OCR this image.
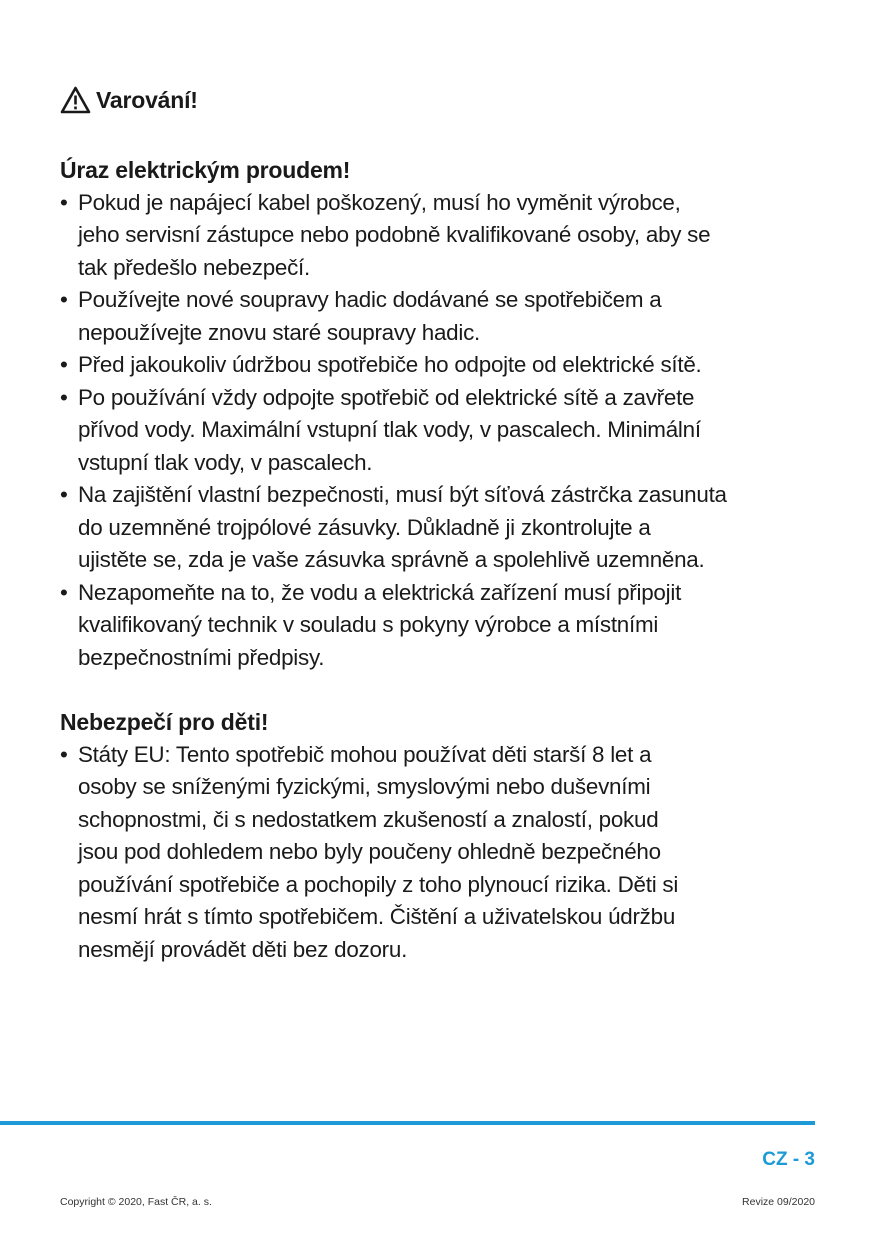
Varování!
Úraz elektrickým proudem!
• Pokud je napájecí kabel poškozený, musí ho vyměnit výrobce,
jeho servisní zástupce nebo podobně kvalifikované osoby, aby se
tak předešlo nebezpečí.
• Používejte nové soupravy hadic dodávané se spotřebičem a
nepoužívejte znovu staré soupravy hadic.
• Před jakoukoliv údržbou spotřebiče ho odpojte od elektrické sítě.
• Po používání vždy odpojte spotřebič od elektrické sítě a zavřete
přívod vody. Maximální vstupní tlak vody, v pascalech. Minimální
vstupní tlak vody, v pascalech.
• Na zajištění vlastní bezpečnosti, musí být síťová zástrčka zasunuta
do uzemněné trojpólové zásuvky. Důkladně ji zkontrolujte a
ujistěte se, zda je vaše zásuvka správně a spolehlivě uzemněna.
• Nezapomeňte na to, že vodu a elektrická zařízení musí připojit
kvalifikovaný technik v souladu s pokyny výrobce a místními
bezpečnostními předpisy.
Nebezpečí pro děti!
• Státy EU: Tento spotřebič mohou používat děti starší 8 let a
osoby se sníženými fyzickými, smyslovými nebo duševními
schopnostmi, či s nedostatkem zkušeností a znalostí, pokud
jsou pod dohledem nebo byly poučeny ohledně bezpečného
používání spotřebiče a pochopily z toho plynoucí rizika. Děti si
nesmí hrát s tímto spotřebičem. Čištění a uživatelskou údržbu
nesmějí provádět děti bez dozoru.
CZ - 3
Copyright © 2020, Fast ČR, a. s.	Revize 09/2020
